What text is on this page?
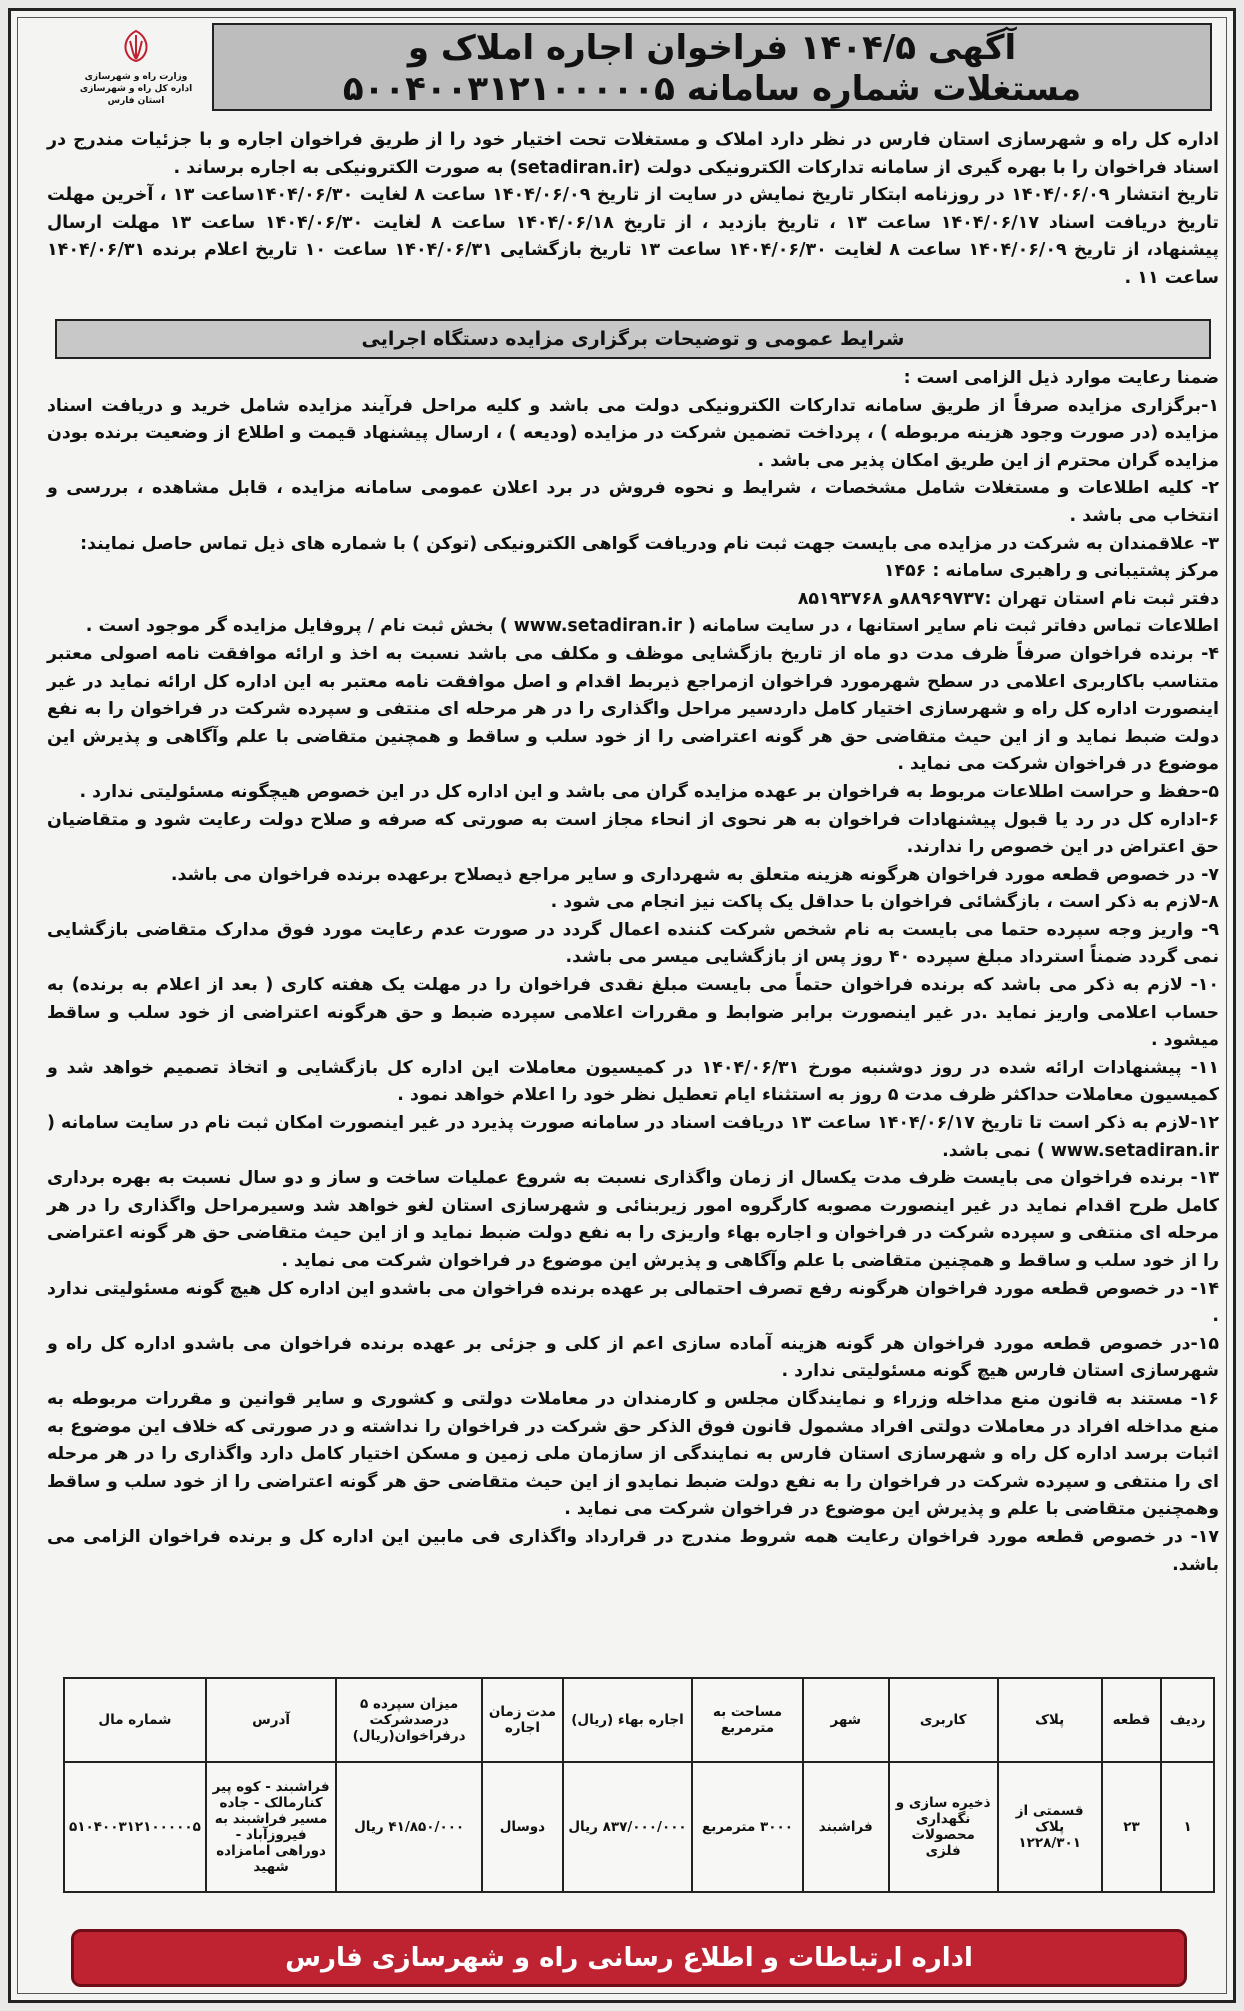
آگهی ۱۴۰۴/۵ فراخوان اجاره املاک و
مستغلات شماره سامانه ۵۰۰۴۰۰۳۱۲۱۰۰۰۰۰۵
وزارت راه و شهرسازی
اداره کل راه و شهرسازی استان فارس

اداره کل راه و شهرسازی استان فارس در نظر دارد املاک و مستغلات تحت اختیار خود را از طریق فراخوان اجاره و با جزئیات مندرج در اسناد فراخوان را با بهره گیری از سامانه تدارکات الکترونیکی دولت (setadiran.ir) به صورت الکترونیکی به اجاره برساند .

تاریخ انتشار ۱۴۰۴/۰۶/۰۹ در روزنامه ابتکار تاریخ نمایش در سایت از تاریخ ۱۴۰۴/۰۶/۰۹ ساعت ۸ لغایت ۱۴۰۴/۰۶/۳۰ساعت ۱۳ ، آخرین مهلت تاریخ دریافت اسناد ۱۴۰۴/۰۶/۱۷ ساعت ۱۳ ، تاریخ بازدید ، از تاریخ ۱۴۰۴/۰۶/۱۸ ساعت ۸ لغایت ۱۴۰۴/۰۶/۳۰ ساعت ۱۳ مهلت ارسال پیشنهاد، از تاریخ ۱۴۰۴/۰۶/۰۹ ساعت ۸ لغایت ۱۴۰۴/۰۶/۳۰ ساعت ۱۳ تاریخ بازگشایی ۱۴۰۴/۰۶/۳۱ ساعت ۱۰ تاریخ اعلام برنده ۱۴۰۴/۰۶/۳۱ ساعت ۱۱ .

شرایط عمومی و توضیحات برگزاری مزایده دستگاه اجرایی

ضمنا رعایت موارد ذیل الزامی است :

۱-برگزاری مزایده صرفاً از طریق سامانه تدارکات الکترونیکی دولت می باشد و کلیه مراحل فرآیند مزایده شامل خرید و دریافت اسناد مزایده (در صورت وجود هزینه مربوطه ) ، پرداخت تضمین شرکت در مزایده (ودیعه ) ، ارسال پیشنهاد قیمت و اطلاع از وضعیت برنده بودن مزایده گران محترم از این طریق امکان پذیر می باشد .

۲- کلیه اطلاعات و مستغلات شامل مشخصات ، شرایط و نحوه فروش در برد اعلان عمومی سامانه مزایده ، قابل مشاهده ، بررسی و انتخاب می باشد .

۳- علاقمندان به شرکت در مزایده می بایست جهت ثبت نام ودریافت گواهی الکترونیکی (توکن ) با شماره های ذیل تماس حاصل نمایند:

مرکز پشتیبانی و راهبری سامانه : ۱۴۵۶

دفتر ثبت نام استان تهران :۸۸۹۶۹۷۳۷و ۸۵۱۹۳۷۶۸

اطلاعات تماس دفاتر ثبت نام سایر استانها ، در سایت سامانه ( www.setadiran.ir ) بخش ثبت نام / پروفایل مزایده گر موجود است .

۴- برنده فراخوان صرفاً ظرف مدت دو ماه از تاریخ بازگشایی موظف و مکلف می باشد نسبت به اخذ و ارائه موافقت نامه اصولی معتبر متناسب باکاربری اعلامی در سطح شهرمورد فراخوان ازمراجع ذیربط اقدام و اصل موافقت نامه معتبر به این اداره کل ارائه نماید در غیر اینصورت اداره کل راه و شهرسازی اختیار کامل داردسیر مراحل واگذاری را در هر مرحله ای منتفی و سپرده شرکت در فراخوان را به نفع دولت ضبط نماید و از این حیث متقاضی حق هر گونه اعتراضی را از خود سلب و ساقط و همچنین متقاضی با علم وآگاهی و پذیرش این موضوع در فراخوان شرکت می نماید .

۵-حفظ و حراست اطلاعات مربوط به فراخوان بر عهده مزایده گران می باشد و این اداره کل در این خصوص هیچگونه مسئولیتی ندارد .

۶-اداره کل در رد یا قبول پیشنهادات فراخوان به هر نحوی از انحاء مجاز است به صورتی که صرفه و صلاح دولت رعایت شود و متقاضیان حق اعتراض در این خصوص را ندارند.

۷- در خصوص قطعه مورد فراخوان هرگونه هزینه متعلق به شهرداری و سایر مراجع ذیصلاح برعهده برنده فراخوان می باشد.

۸-لازم به ذکر است ، بازگشائی فراخوان با حداقل یک پاکت نیز انجام می شود .

۹- واریز وجه سپرده حتما می بایست به نام شخص شرکت کننده اعمال گردد در صورت عدم رعایت مورد فوق مدارک متقاضی بازگشایی نمی گردد ضمناً استرداد مبلغ سپرده ۴۰ روز پس از بازگشایی میسر می باشد.

۱۰- لازم به ذکر می باشد که برنده فراخوان حتماً می بایست مبلغ نقدی فراخوان را در مهلت یک هفته کاری ( بعد از اعلام به برنده) به حساب اعلامی واریز نماید .در غیر اینصورت برابر ضوابط و مقررات اعلامی سپرده ضبط و حق هرگونه اعتراضی از خود سلب و ساقط میشود .

۱۱- پیشنهادات ارائه شده در روز دوشنبه مورخ ۱۴۰۴/۰۶/۳۱ در کمیسیون معاملات این اداره کل بازگشایی و اتخاذ تصمیم خواهد شد و کمیسیون معاملات حداکثر ظرف مدت ۵ روز به استثناء ایام تعطیل نظر خود را اعلام خواهد نمود .

۱۲-لازم به ذکر است تا تاریخ ۱۴۰۴/۰۶/۱۷ ساعت ۱۳ دریافت اسناد در سامانه صورت پذیرد در غیر اینصورت امکان ثبت نام در سایت سامانه ( www.setadiran.ir ) نمی باشد.

۱۳- برنده فراخوان می بایست ظرف مدت یکسال از زمان واگذاری نسبت به شروع عملیات ساخت و ساز و دو سال نسبت به بهره برداری کامل طرح اقدام نماید در غیر اینصورت مصوبه کارگروه امور زیربنائی و شهرسازی استان لغو خواهد شد وسیرمراحل واگذاری را در هر مرحله ای منتفی و سپرده شرکت در فراخوان و اجاره بهاء واریزی را به نفع دولت ضبط نماید و از این حیث متقاضی حق هر گونه اعتراضی را از خود سلب و ساقط و همچنین متقاضی با علم وآگاهی و پذیرش این موضوع در فراخوان شرکت می نماید .

۱۴- در خصوص قطعه مورد فراخوان هرگونه رفع تصرف احتمالی بر عهده برنده فراخوان می باشدو این اداره کل هیچ گونه مسئولیتی ندارد .

۱۵-در خصوص قطعه مورد فراخوان هر گونه هزینه آماده سازی اعم از کلی و جزئی بر عهده برنده فراخوان می باشدو اداره کل راه و شهرسازی استان فارس هیچ گونه مسئولیتی ندارد .

۱۶- مستند به قانون منع مداخله وزراء و نمایندگان مجلس و کارمندان در معاملات دولتی و کشوری و سایر قوانین و مقررات مربوطه به منع مداخله افراد در معاملات دولتی افراد مشمول قانون فوق الذکر حق شرکت در فراخوان را نداشته و در صورتی که خلاف این موضوع به اثبات برسد اداره کل راه و شهرسازی استان فارس به نمایندگی از سازمان ملی زمین و مسکن اختیار کامل دارد واگذاری را در هر مرحله ای را منتفی و سپرده شرکت در فراخوان را به نفع دولت ضبط نمایدو از این حیث متقاضی حق هر گونه اعتراضی را از خود سلب و ساقط وهمچنین متقاضی با علم و پذیرش این موضوع در فراخوان شرکت می نماید .

۱۷- در خصوص قطعه مورد فراخوان رعایت همه شروط مندرج در قرارداد واگذاری فی مابین این اداره کل و برنده فراخوان الزامی می باشد.

ردیف	قطعه	پلاک	کاربری	شهر	مساحت به مترمربع	اجاره بهاء (ریال)	مدت زمان اجاره	میزان سپرده ۵ درصدشرکت درفراخوان(ریال)	آدرس	شماره مال
۱	۲۳	قسمتی از پلاک ۱۲۲۸/۳۰۱	ذخیره سازی و نگهداری محصولات فلزی	فراشبند	۳۰۰۰ مترمربع	۸۳۷/۰۰۰/۰۰۰ ریال	دوسال	۴۱/۸۵۰/۰۰۰ ریال	فراشبند - کوه پیر کنارمالک - جاده مسیر فراشبند به فیروزآباد - دوراهی امامزاده شهید	۵۱۰۴۰۰۳۱۲۱۰۰۰۰۰۵
اداره ارتباطات و اطلاع رسانی راه و شهرسازی فارس
